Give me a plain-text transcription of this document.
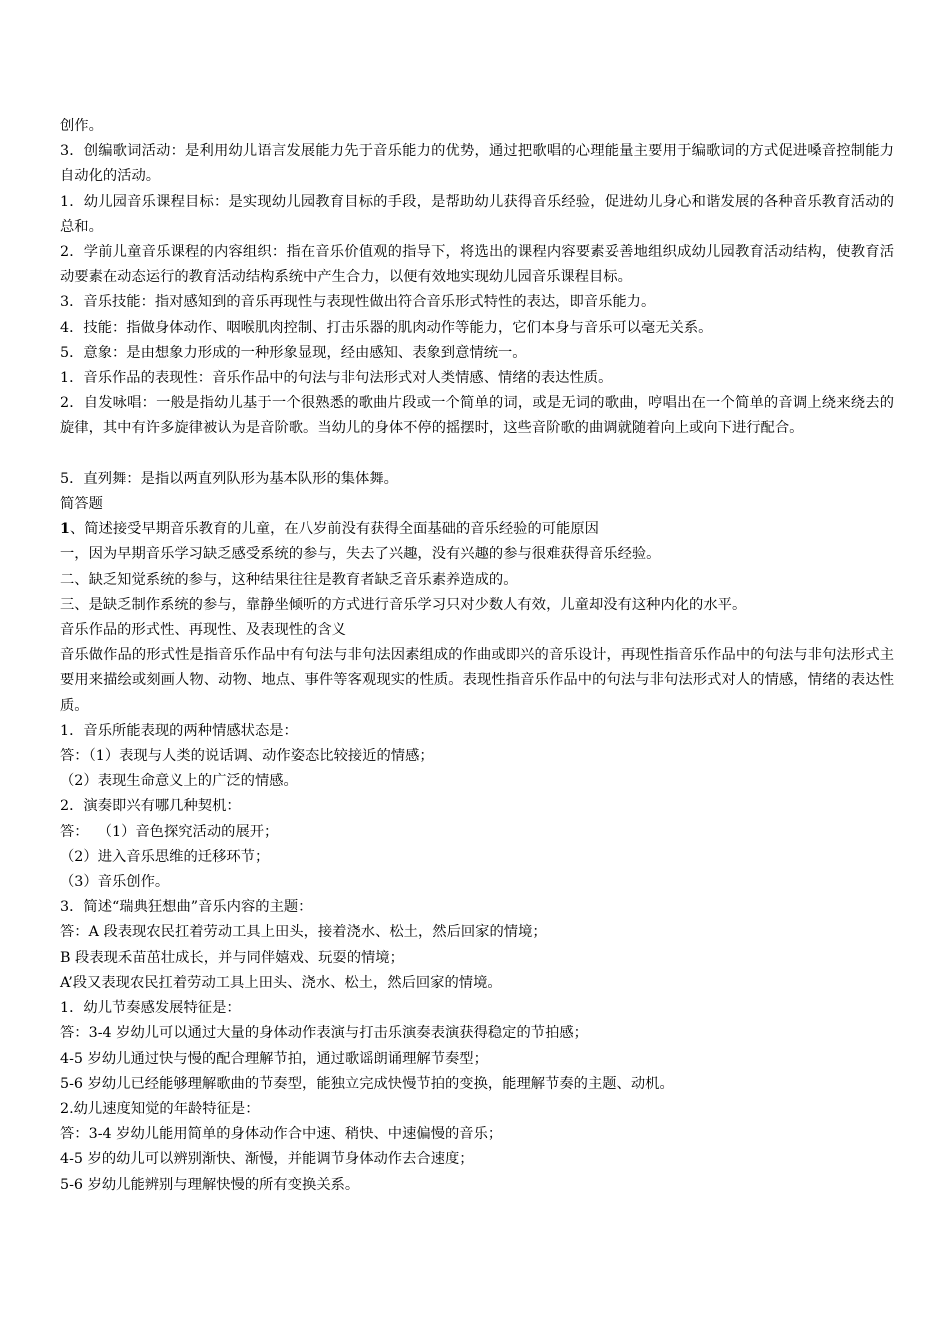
创作。
3．创编歌词活动：是利用幼儿语言发展能力先于音乐能力的优势，通过把歌唱的心理能量主要用于编歌词的方式促进嗓音控制能力自动化的活动。
1．幼儿园音乐课程目标：是实现幼儿园教育目标的手段，是帮助幼儿获得音乐经验，促进幼儿身心和谐发展的各种音乐教育活动的总和。
2．学前儿童音乐课程的内容组织：指在音乐价值观的指导下，将选出的课程内容要素妥善地组织成幼儿园教育活动结构，使教育活动要素在动态运行的教育活动结构系统中产生合力，以便有效地实现幼儿园音乐课程目标。
3．音乐技能：指对感知到的音乐再现性与表现性做出符合音乐形式特性的表达，即音乐能力。
4．技能：指做身体动作、咽喉肌肉控制、打击乐器的肌肉动作等能力，它们本身与音乐可以毫无关系。
5．意象：是由想象力形成的一种形象显现，经由感知、表象到意情统一。
1．音乐作品的表现性：音乐作品中的句法与非句法形式对人类情感、情绪的表达性质。
2．自发咏唱：一般是指幼儿基于一个很熟悉的歌曲片段或一个简单的词，或是无词的歌曲，哼唱出在一个简单的音调上绕来绕去的旋律，其中有许多旋律被认为是音阶歌。当幼儿的身体不停的摇摆时，这些音阶歌的曲调就随着向上或向下进行配合。
5．直列舞：是指以两直列队形为基本队形的集体舞。
简答题
1、简述接受早期音乐教育的儿童，在八岁前没有获得全面基础的音乐经验的可能原因
一，因为早期音乐学习缺乏感受系统的参与，失去了兴趣，没有兴趣的参与很难获得音乐经验。
二、缺乏知觉系统的参与，这种结果往往是教育者缺乏音乐素养造成的。
三、是缺乏制作系统的参与，靠静坐倾听的方式进行音乐学习只对少数人有效，儿童却没有这种内化的水平。
音乐作品的形式性、再现性、及表现性的含义
音乐做作品的形式性是指音乐作品中有句法与非句法因素组成的作曲或即兴的音乐设计，再现性指音乐作品中的句法与非句法形式主要用来描绘或刻画人物、动物、地点、事件等客观现实的性质。表现性指音乐作品中的句法与非句法形式对人的情感，情绪的表达性质。
1．音乐所能表现的两种情感状态是：
答：（1）表现与人类的说话调、动作姿态比较接近的情感；
（2）表现生命意义上的广泛的情感。
2．演奏即兴有哪几种契机：
答：  （1）音色探究活动的展开；
（2）进入音乐思维的迁移环节；
（3）音乐创作。
3．简述“瑞典狂想曲”音乐内容的主题：
答：A 段表现农民扛着劳动工具上田头，接着浇水、松土，然后回家的情境；
B 段表现禾苗茁壮成长，并与同伴嬉戏、玩耍的情境；
A’段又表现农民扛着劳动工具上田头、浇水、松土，然后回家的情境。
1．幼儿节奏感发展特征是：
答：3-4 岁幼儿可以通过大量的身体动作表演与打击乐演奏表演获得稳定的节拍感；
4-5 岁幼儿通过快与慢的配合理解节拍，通过歌谣朗诵理解节奏型；
5-6 岁幼儿已经能够理解歌曲的节奏型，能独立完成快慢节拍的变换，能理解节奏的主题、动机。
2.幼儿速度知觉的年龄特征是：
答：3-4 岁幼儿能用简单的身体动作合中速、稍快、中速偏慢的音乐；
4-5 岁的幼儿可以辨别渐快、渐慢，并能调节身体动作去合速度；
5-6 岁幼儿能辨别与理解快慢的所有变换关系。
